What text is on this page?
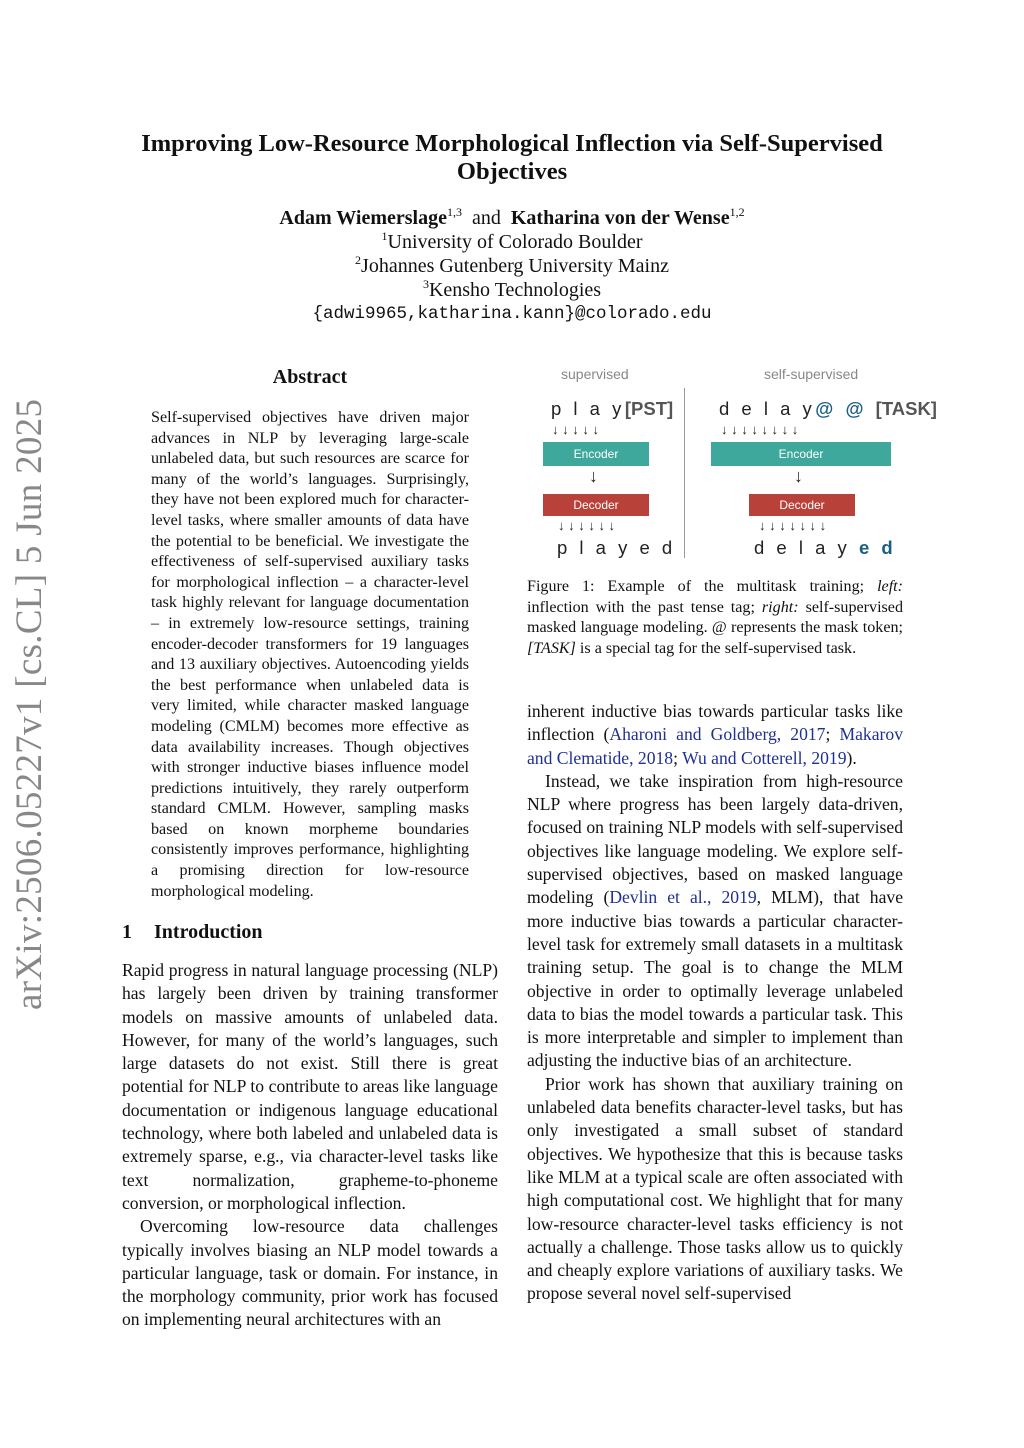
arXiv:2506.05227v1 [cs.CL] 5 Jun 2025
Improving Low-Resource Morphological Inflection via Self-Supervised
Objectives
Adam Wiemerslage$^{1,3}$ and Katharina von der Wense$^{1,2}$
$^1$University of Colorado Boulder
$^2$Johannes Gutenberg University Mainz
$^3$Kensho Technologies
{adwi9965,katharina.kann}@colorado.edu
Abstract

Self-supervised objectives have driven major advances in NLP by leveraging large-scale unlabeled data, but such resources are scarce for many of the world’s languages. Surprisingly, they have not been explored much for character-level tasks, where smaller amounts of data have the potential to be beneficial. We investigate the effectiveness of self-supervised auxiliary tasks for morphological inflection – a character-level task highly relevant for language documentation – in extremely low-resource settings, training encoder-decoder transformers for 19 languages and 13 auxiliary objectives. Autoencoding yields the best performance when unlabeled data is very limited, while character masked language modeling (CMLM) becomes more effective as data availability increases. Though objectives with stronger inductive biases influence model predictions intuitively, they rarely outperform standard CMLM. However, sampling masks based on known morpheme boundaries consistently improves performance, highlighting a promising direction for low-resource morphological modeling.

1 Introduction

Rapid progress in natural language processing (NLP) has largely been driven by training transformer models on massive amounts of unlabeled data. However, for many of the world’s languages, such large datasets do not exist. Still there is great potential for NLP to contribute to areas like language documentation or indigenous language educational technology, where both labeled and unlabeled data is extremely sparse, e.g., via character-level tasks like text normalization, grapheme-to-phoneme conversion, or morphological inflection.

Overcoming low-resource data challenges typically involves biasing an NLP model towards a particular language, task or domain. For instance, in the morphology community, prior work has focused on implementing neural architectures with an

supervised	self-supervised
p l a y[PST]
↓ ↓ ↓ ↓ ↓
Encoder
↓
Decoder
↓ ↓ ↓ ↓ ↓ ↓
p l a y e d
d e l a y@ @ [TASK]
↓ ↓ ↓ ↓ ↓ ↓ ↓ ↓
Encoder
↓
Decoder
↓ ↓ ↓ ↓ ↓ ↓ ↓
d e l a y e d
Figure 1: Example of the multitask training; left: inflection with the past tense tag; right: self-supervised masked language modeling. @ represents the mask token; [TASK] is a special tag for the self-supervised task.

inherent inductive bias towards particular tasks like inflection (Aharoni and Goldberg, 2017; Makarov and Clematide, 2018; Wu and Cotterell, 2019).

Instead, we take inspiration from high-resource NLP where progress has been largely data-driven, focused on training NLP models with self-supervised objectives like language modeling. We explore self-supervised objectives, based on masked language modeling (Devlin et al., 2019, MLM), that have more inductive bias towards a particular character-level task for extremely small datasets in a multitask training setup. The goal is to change the MLM objective in order to optimally leverage unlabeled data to bias the model towards a particular task. This is more interpretable and simpler to implement than adjusting the inductive bias of an architecture.

Prior work has shown that auxiliary training on unlabeled data benefits character-level tasks, but has only investigated a small subset of standard objectives. We hypothesize that this is because tasks like MLM at a typical scale are often associated with high computational cost. We highlight that for many low-resource character-level tasks efficiency is not actually a challenge. Those tasks allow us to quickly and cheaply explore variations of auxiliary tasks. We propose several novel self-supervised
